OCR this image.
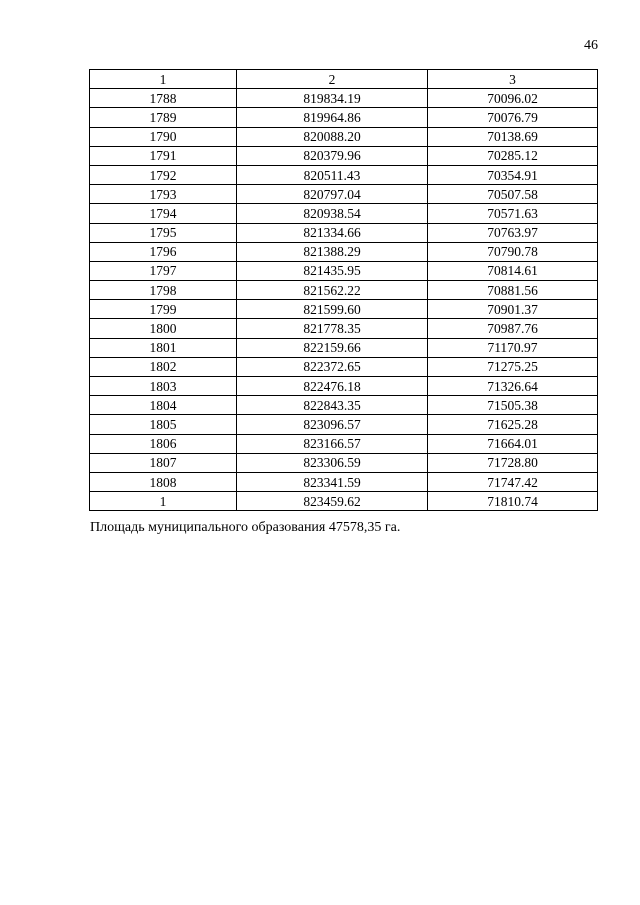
46
1	2	3
1788	819834.19	70096.02
1789	819964.86	70076.79
1790	820088.20	70138.69
1791	820379.96	70285.12
1792	820511.43	70354.91
1793	820797.04	70507.58
1794	820938.54	70571.63
1795	821334.66	70763.97
1796	821388.29	70790.78
1797	821435.95	70814.61
1798	821562.22	70881.56
1799	821599.60	70901.37
1800	821778.35	70987.76
1801	822159.66	71170.97
1802	822372.65	71275.25
1803	822476.18	71326.64
1804	822843.35	71505.38
1805	823096.57	71625.28
1806	823166.57	71664.01
1807	823306.59	71728.80
1808	823341.59	71747.42
1	823459.62	71810.74
Площадь муниципального образования 47578,35 га.
